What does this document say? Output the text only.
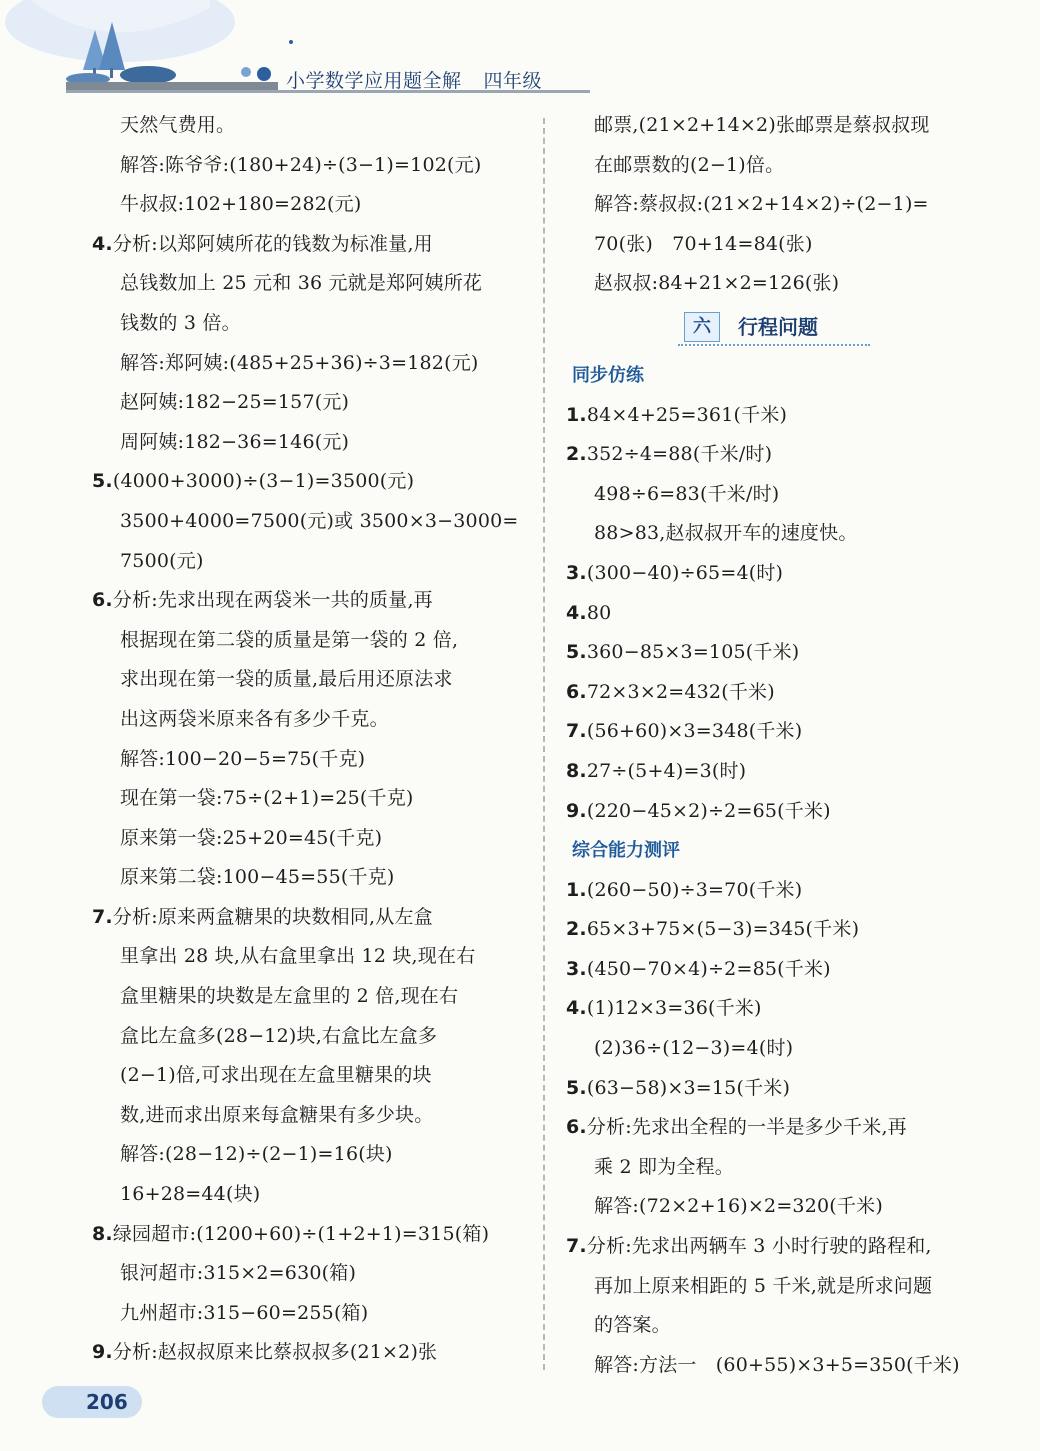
小学数学应用题全解 四年级
天然气费用。
解答:陈爷爷:(180+24)÷(3−1)=102(元)
牛叔叔:102+180=282(元)
4.分析:以郑阿姨所花的钱数为标准量,用
总钱数加上 25 元和 36 元就是郑阿姨所花
钱数的 3 倍。
解答:郑阿姨:(485+25+36)÷3=182(元)
赵阿姨:182−25=157(元)
周阿姨:182−36=146(元)
5.(4000+3000)÷(3−1)=3500(元)
3500+4000=7500(元)或 3500×3−3000=
7500(元)
6.分析:先求出现在两袋米一共的质量,再
根据现在第二袋的质量是第一袋的 2 倍,
求出现在第一袋的质量,最后用还原法求
出这两袋米原来各有多少千克。
解答:100−20−5=75(千克)
现在第一袋:75÷(2+1)=25(千克)
原来第一袋:25+20=45(千克)
原来第二袋:100−45=55(千克)
7.分析:原来两盒糖果的块数相同,从左盒
里拿出 28 块,从右盒里拿出 12 块,现在右
盒里糖果的块数是左盒里的 2 倍,现在右
盒比左盒多(28−12)块,右盒比左盒多
(2−1)倍,可求出现在左盒里糖果的块
数,进而求出原来每盒糖果有多少块。
解答:(28−12)÷(2−1)=16(块)
16+28=44(块)
8.绿园超市:(1200+60)÷(1+2+1)=315(箱)
银河超市:315×2=630(箱)
九州超市:315−60=255(箱)
9.分析:赵叔叔原来比蔡叔叔多(21×2)张
邮票,(21×2+14×2)张邮票是蔡叔叔现
在邮票数的(2−1)倍。
解答:蔡叔叔:(21×2+14×2)÷(2−1)=
70(张)　70+14=84(张)
赵叔叔:84+21×2=126(张)
六	行程问题
同步仿练
1.84×4+25=361(千米)
2.352÷4=88(千米/时)
498÷6=83(千米/时)
88>83,赵叔叔开车的速度快。
3.(300−40)÷65=4(时)
4.80
5.360−85×3=105(千米)
6.72×3×2=432(千米)
7.(56+60)×3=348(千米)
8.27÷(5+4)=3(时)
9.(220−45×2)÷2=65(千米)
综合能力测评
1.(260−50)÷3=70(千米)
2.65×3+75×(5−3)=345(千米)
3.(450−70×4)÷2=85(千米)
4.(1)12×3=36(千米)
(2)36÷(12−3)=4(时)
5.(63−58)×3=15(千米)
6.分析:先求出全程的一半是多少千米,再
乘 2 即为全程。
解答:(72×2+16)×2=320(千米)
7.分析:先求出两辆车 3 小时行驶的路程和,
再加上原来相距的 5 千米,就是所求问题
的答案。
解答:方法一　(60+55)×3+5=350(千米)
206
